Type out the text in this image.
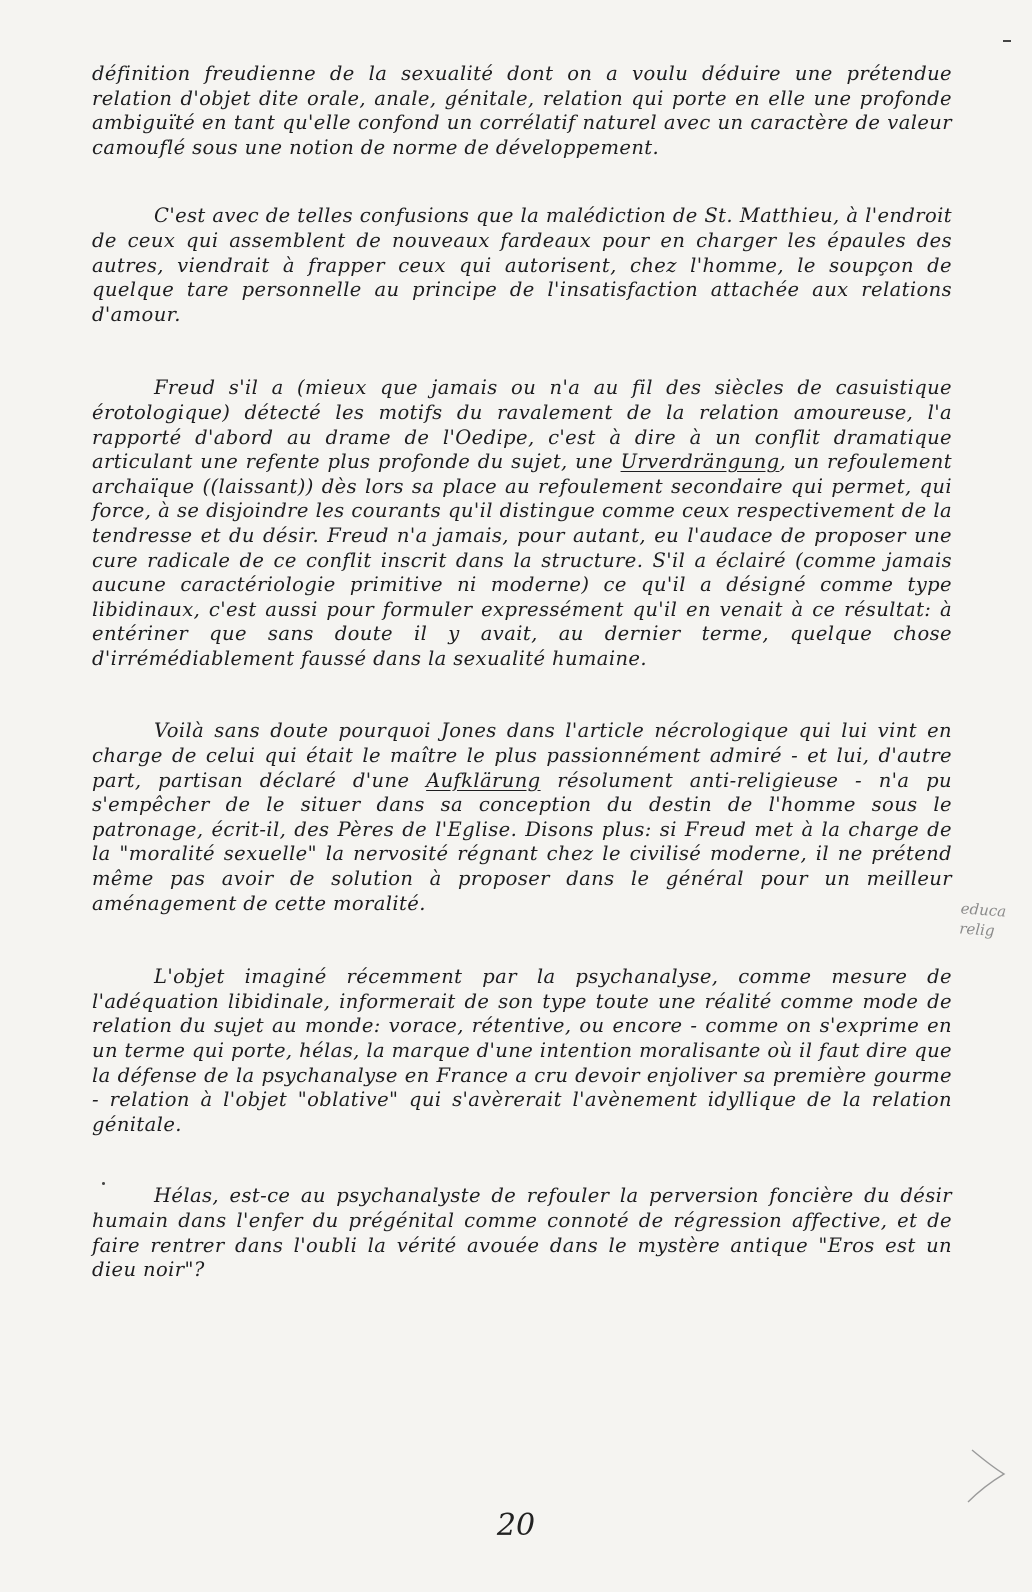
définition freudienne de la sexualité dont on a voulu déduire une prétendue relation d'objet dite orale, anale, génitale, relation qui porte en elle une profonde ambiguïté en tant qu'elle confond un corrélatif naturel avec un caractère de valeur camouflé sous une notion de norme de développement.

C'est avec de telles confusions que la malédiction de St. Matthieu, à l'endroit de ceux qui assemblent de nouveaux fardeaux pour en charger les épaules des autres, viendrait à frapper ceux qui autorisent, chez l'homme, le soupçon de quelque tare personnelle au principe de l'insatisfaction attachée aux relations d'amour.

Freud s'il a (mieux que jamais ou n'a au fil des siècles de casuistique érotologique) détecté les motifs du ravalement de la relation amoureuse, l'a rapporté d'abord au drame de l'Oedipe, c'est à dire à un conflit dramatique articulant une refente plus profonde du sujet, une Urverdrängung, un refoulement archaïque ((laissant)) dès lors sa place au refoulement secondaire qui permet, qui force, à se disjoindre les courants qu'il distingue comme ceux respectivement de la tendresse et du désir. Freud n'a jamais, pour autant, eu l'audace de proposer une cure radicale de ce conflit inscrit dans la structure. S'il a éclairé (comme jamais aucune caractériologie primitive ni moderne) ce qu'il a désigné comme type libidinaux, c'est aussi pour formuler expressément qu'il en venait à ce résultat: à entériner que sans doute il y avait, au dernier terme, quelque chose d'irrémédiablement faussé dans la sexualité humaine.

Voilà sans doute pourquoi Jones dans l'article nécrologique qui lui vint en charge de celui qui était le maître le plus passionnément admiré - et lui, d'autre part, partisan déclaré d'une Aufklärung résolument anti-religieuse - n'a pu s'empêcher de le situer dans sa conception du destin de l'homme sous le patronage, écrit-il, des Pères de l'Eglise. Disons plus: si Freud met à la charge de la "moralité sexuelle" la nervosité régnant chez le civilisé moderne, il ne prétend même pas avoir de solution à proposer dans le général pour un meilleur aménagement de cette moralité.

L'objet imaginé récemment par la psychanalyse, comme mesure de l'adéquation libidinale, informerait de son type toute une réalité comme mode de relation du sujet au monde: vorace, rétentive, ou encore - comme on s'exprime en un terme qui porte, hélas, la marque d'une intention moralisante où il faut dire que la défense de la psychanalyse en France a cru devoir enjoliver sa première gourme - relation à l'objet "oblative" qui s'avèrerait l'avènement idyllique de la relation génitale.

Hélas, est-ce au psychanalyste de refouler la perversion foncière du désir humain dans l'enfer du prégénital comme connoté de régression affective, et de faire rentrer dans l'oubli la vérité avouée dans le mystère antique "Eros est un dieu noir"?

educa
relig
20
